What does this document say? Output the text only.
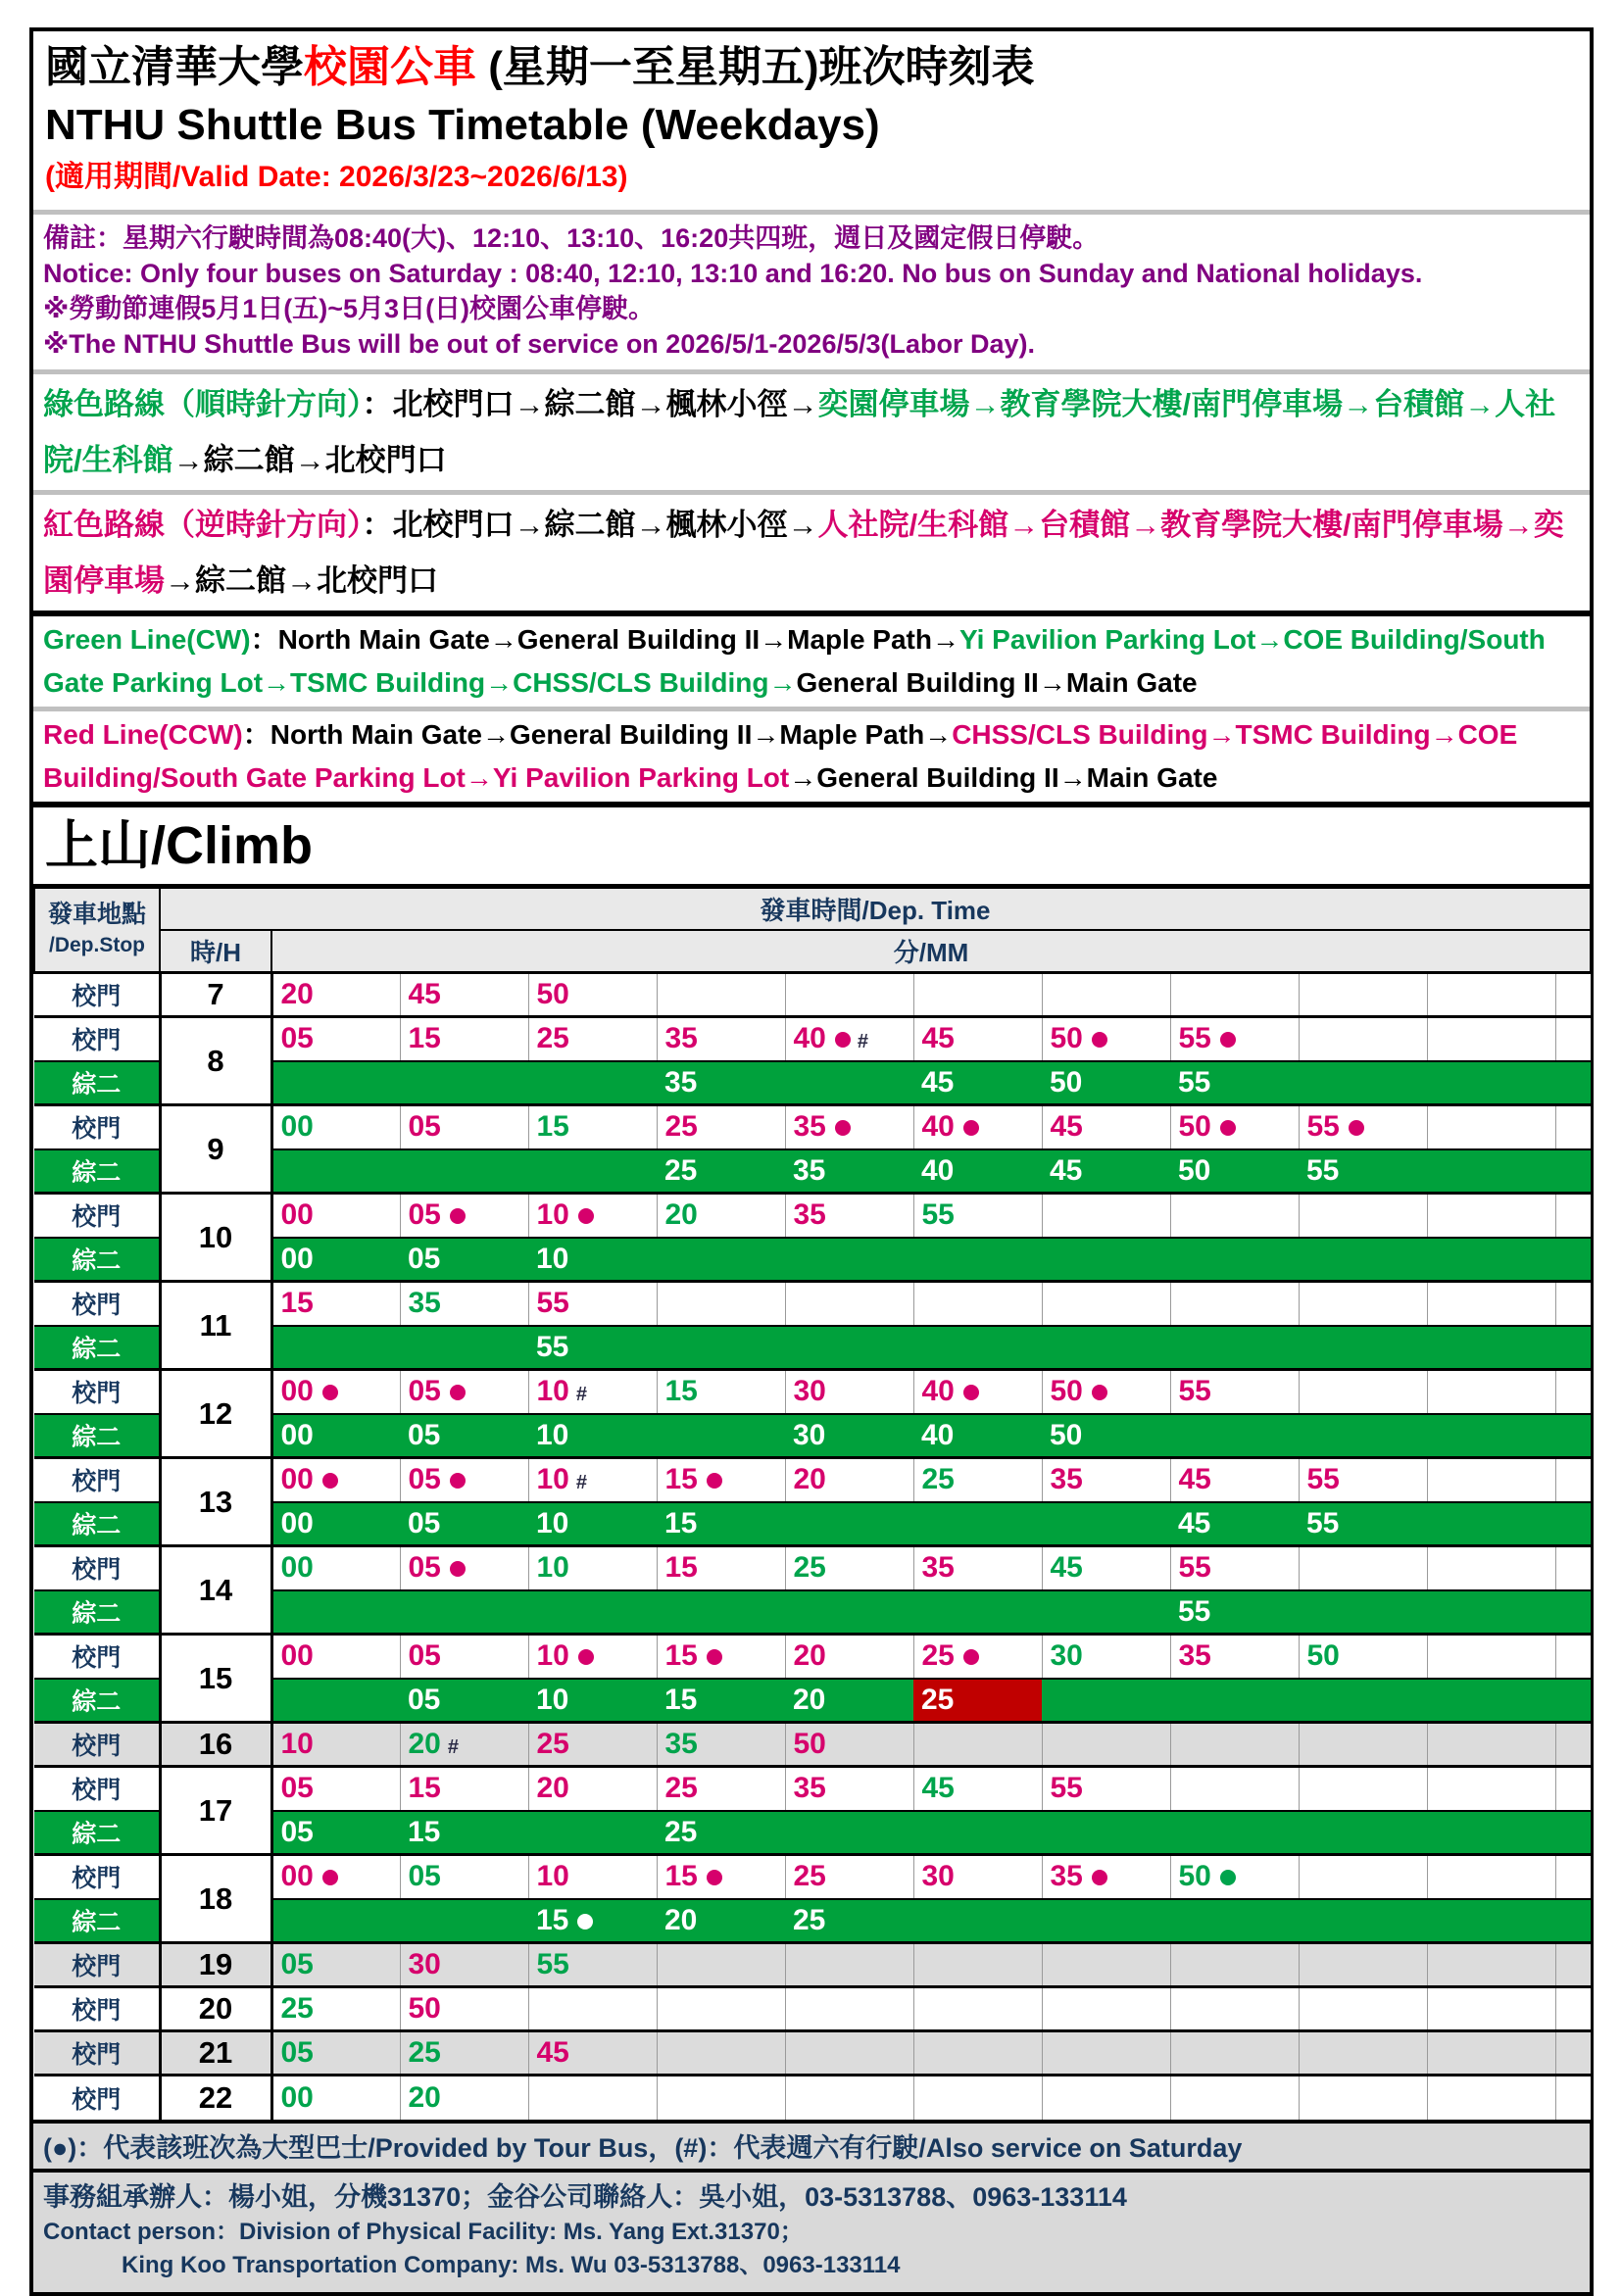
國立清華大學校園公車 (星期一至星期五)班次時刻表
NTHU Shuttle Bus Timetable (Weekdays)
(適用期間/Valid Date: 2026/3/23~2026/6/13)
備註：星期六行駛時間為08:40(大)、12:10、13:10、16:20共四班，週日及國定假日停駛。
Notice: Only four buses on Saturday : 08:40, 12:10, 13:10 and 16:20. No bus on Sunday and National holidays.
※勞動節連假5月1日(五)~5月3日(日)校園公車停駛。
※The NTHU Shuttle Bus will be out of service on 2026/5/1-2026/5/3(Labor Day).
綠色路線（順時針方向）：北校門口→綜二館→楓林小徑→奕園停車場→教育學院大樓/南門停車場→台積館→人社院/生科館→綜二館→北校門口
紅色路線（逆時針方向）：北校門口→綜二館→楓林小徑→人社院/生科館→台積館→教育學院大樓/南門停車場→奕園停車場→綜二館→北校門口
Green Line(CW)：North Main Gate→General Building II→Maple Path→Yi Pavilion Parking Lot→COE Building/South Gate Parking Lot→TSMC Building→CHSS/CLS Building→General Building II→Main Gate
Red Line(CCW)：North Main Gate→General Building II→Maple Path→CHSS/CLS Building→TSMC Building→COE Building/South Gate Parking Lot→Yi Pavilion Parking Lot→General Building II→Main Gate
上山/Climb
發車地點
/Dep.Stop	發車時間/Dep. Time											
	時/H	分/MM										
校門	7	20	45	50								
校門	8	05	15	25	35	40 #	45	50	55			
綜二					35		45	50	55			
校門	9	00	05	15	25	35	40	45	50	55		
綜二					25	35	40	45	50	55		
校門	10	00	05	10	20	35	55					
綜二		00	05	10								
校門	11	15	35	55								
綜二				55								
校門	12	00	05	10 #	15	30	40	50	55			
綜二		00	05	10		30	40	50				
校門	13	00	05	10 #	15	20	25	35	45	55		
綜二		00	05	10	15				45	55		
校門	14	00	05	10	15	25	35	45	55			
綜二									55			
校門	15	00	05	10	15	20	25	30	35	50		
綜二			05	10	15	20	25					
校門	16	10	20 #	25	35	50						
校門	17	05	15	20	25	35	45	55				
綜二		05	15		25							
校門	18	00	05	10	15	25	30	35	50			
綜二				15	20	25						
校門	19	05	30	55								
校門	20	25	50									
校門	21	05	25	45								
校門	22	00	20									
(●)：代表該班次為大型巴士/Provided by Tour Bus，(#)：代表週六有行駛/Also service on Saturday
事務組承辦人：楊小姐，分機31370；金谷公司聯絡人：吳小姐，03-5313788、0963-133114
Contact person：Division of Physical Facility: Ms. Yang Ext.31370；
King Koo Transportation Company: Ms. Wu 03-5313788、0963-133114
